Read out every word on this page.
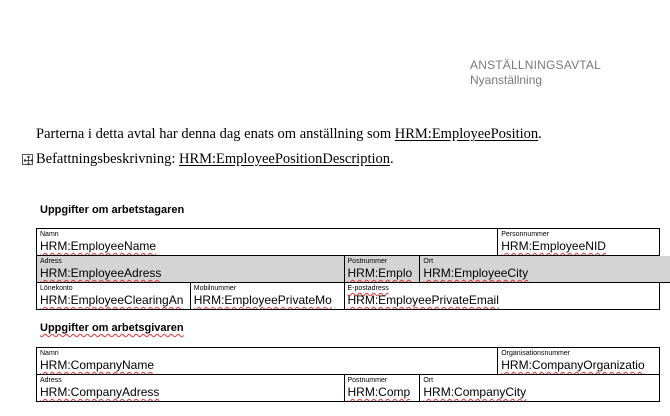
ANSTÄLLNINGSAVTAL
Nyanställning
Parterna i detta avtal har denna dag enats om anställning som HRM:EmployeePosition.
Befattningsbeskrivning: HRM:EmployeePositionDescription.
Uppgifter om arbetstagaren
Namn
HRM:EmployeeName
Personnummer
HRM:EmployeeNID
Adress
HRM:EmployeeAdress
Postnummer
HRM:Emplo
Ort
HRM:EmployeeCity
Lönekonto
HRM:EmployeeClearingAn
Mobilnummer
HRM:EmployeePrivateMo
E-postadress
HRM:EmployeePrivateEmail
Uppgifter om arbetsgivaren
Namn
HRM:CompanyName
Organisationsnummer
HRM:CompanyOrganizatio
Adress
HRM:CompanyAdress
Postnummer
HRM:Comp
Ort
HRM:CompanyCity
